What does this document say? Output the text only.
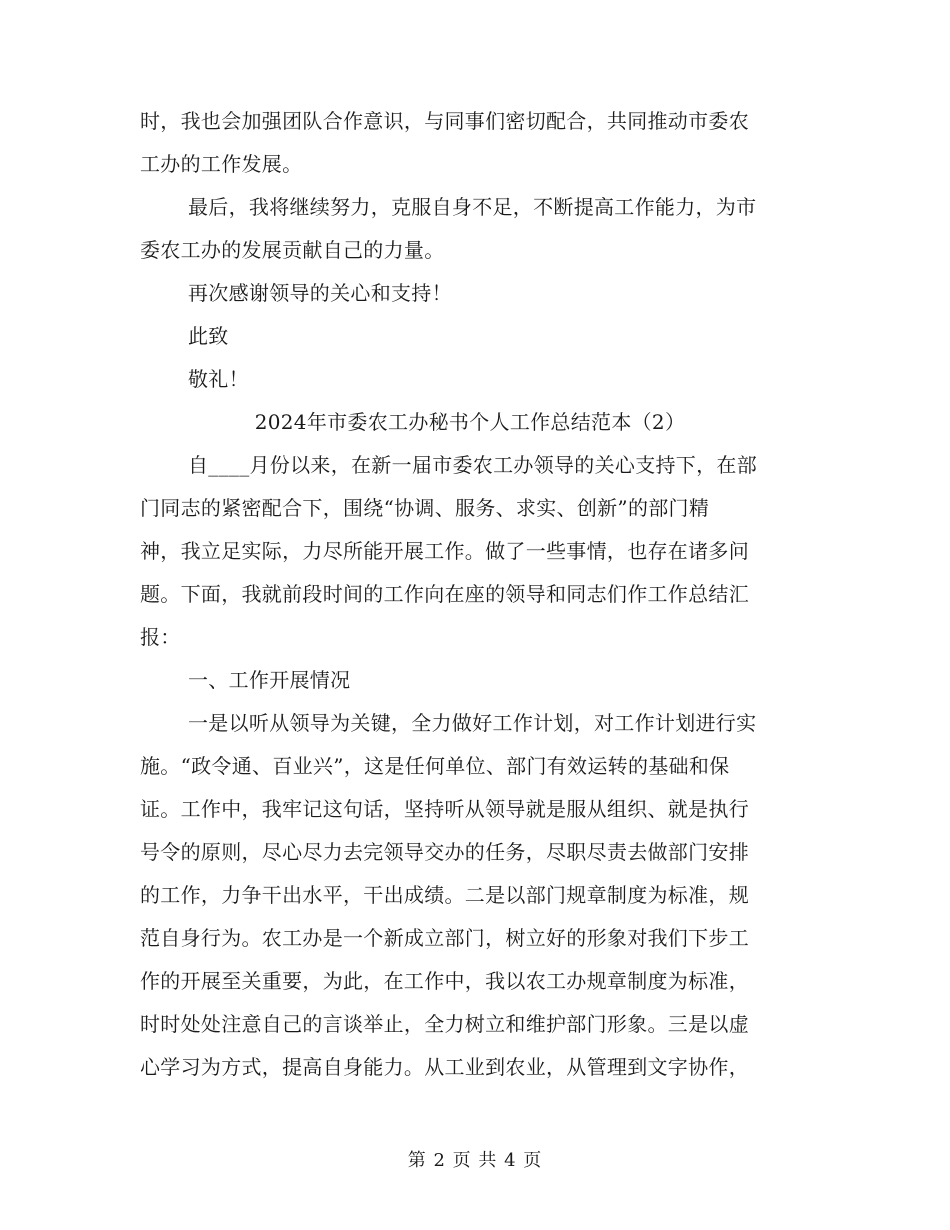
时，我也会加强团队合作意识，与同事们密切配合，共同推动市委农
工办的工作发展。
最后，我将继续努力，克服自身不足，不断提高工作能力，为市
委农工办的发展贡献自己的力量。
再次感谢领导的关心和支持！
此致
敬礼！
2024年市委农工办秘书个人工作总结范本（2）
自____月份以来，在新一届市委农工办领导的关心支持下，在部
门同志的紧密配合下，围绕“协调、服务、求实、创新”的部门精
神，我立足实际，力尽所能开展工作。做了一些事情，也存在诸多问
题。下面，我就前段时间的工作向在座的领导和同志们作工作总结汇
报：
一、工作开展情况
一是以听从领导为关键，全力做好工作计划，对工作计划进行实
施。“政令通、百业兴”，这是任何单位、部门有效运转的基础和保
证。工作中，我牢记这句话，坚持听从领导就是服从组织、就是执行
号令的原则，尽心尽力去完领导交办的任务，尽职尽责去做部门安排
的工作，力争干出水平，干出成绩。二是以部门规章制度为标准，规
范自身行为。农工办是一个新成立部门，树立好的形象对我们下步工
作的开展至关重要，为此，在工作中，我以农工办规章制度为标准，
时时处处注意自己的言谈举止，全力树立和维护部门形象。三是以虚
心学习为方式，提高自身能力。从工业到农业，从管理到文字协作，
第 2 页 共 4 页
